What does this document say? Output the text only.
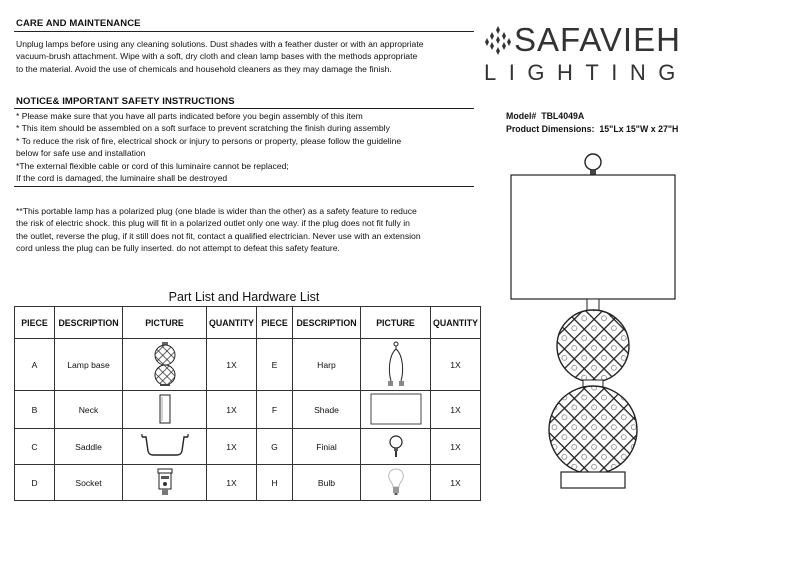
CARE AND MAINTENANCE
Unplug lamps before using any cleaning solutions. Dust shades with a feather duster or with an appropriate
vacuum-brush attachment. Wipe with a soft, dry cloth and clean lamp bases with the methods appropriate
to the material. Avoid the use of chemicals and household cleaners as they may damage the finish.
NOTICE& IMPORTANT SAFETY INSTRUCTIONS
* Please make sure that you have all parts indicated before you begin assembly of this item
* This item should be assembled on a soft surface to prevent scratching the finish during assembly
* To reduce the risk of fire, electrical shock or injury to persons or property, please follow the guideline
below for safe use and installation
*The external flexible cable or cord of this luminaire cannot be replaced;
If the cord is damaged, the luminaire shall be destroyed
**This portable lamp has a polarized plug (one blade is wider than the other) as a safety feature to reduce
the risk of electric shock. this plug will fit in a polarized outlet only one way. if the plug does not fit fully in
the outlet, reverse the plug, if it still does not fit, contact a qualified electrician. Never use with an extension
cord unless the plug can be fully inserted. do not attempt to defeat this safety feature.
Part List and Hardware List
PIECE	DESCRIPTION	PICTURE	QUANTITY	PIECE	DESCRIPTION	PICTURE	QUANTITY
A	Lamp base		1X	E	Harp		1X
B	Neck		1X	F	Shade		1X
C	Saddle		1X	G	Finial		1X
D	Socket		1X	H	Bulb		1X
SAFAVIEH
LIGHTING
Model# TBL4049A
Product Dimensions: 15"Lx 15"W x 27"H
